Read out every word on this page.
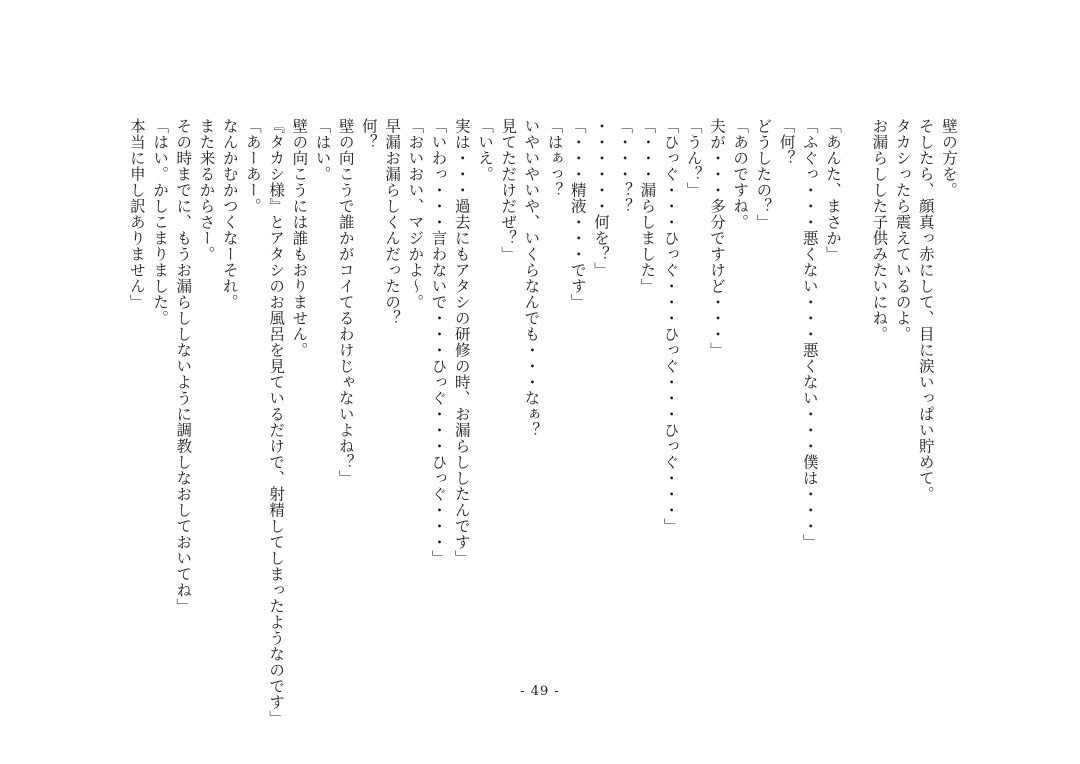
壁の方を。
そしたら、顔真っ赤にして、目に涙いっぱい貯めて。
タカシったら震えているのよ。
お漏らしした子供みたいにね。
「あんた、まさか」
「ふぐっ・・・悪くない・・・悪くない・・・僕は・・・」
「何？
どうしたの？」
「あのですね。
夫が・・・多分ですけど・・・」
「うん？」
「ひっぐ・・・ひっぐ・・・ひっぐ・・・ひっぐ・・・」
「・・・漏らしました」
「・・・？？
・・・・・・何を？」
「・・・精液・・・です」
「はぁっ？
いやいやいや、いくらなんでも・・・なぁ？
見てただけだぜ？」
「いえ。
実は・・・過去にもアタシの研修の時、お漏らししたんです」
「いわっ・・・言わないで・・・ひっぐ・・・ひっぐ・・・」
「おいおい、マジかよ～。
早漏お漏らしくんだったの？
何？
壁の向こうで誰かがコイてるわけじゃないよね？」
「はい。
壁の向こうには誰もおりません。
『タカシ様』とアタシのお風呂を見ているだけで、射精してしまったようなのです」
「あーあー。
なんかむかつくなーそれ。
また来るからさー。
その時までに、もうお漏らししないように調教しなおしておいてね」
「はい。かしこまりました。
本当に申し訳ありません」
- 49 -
